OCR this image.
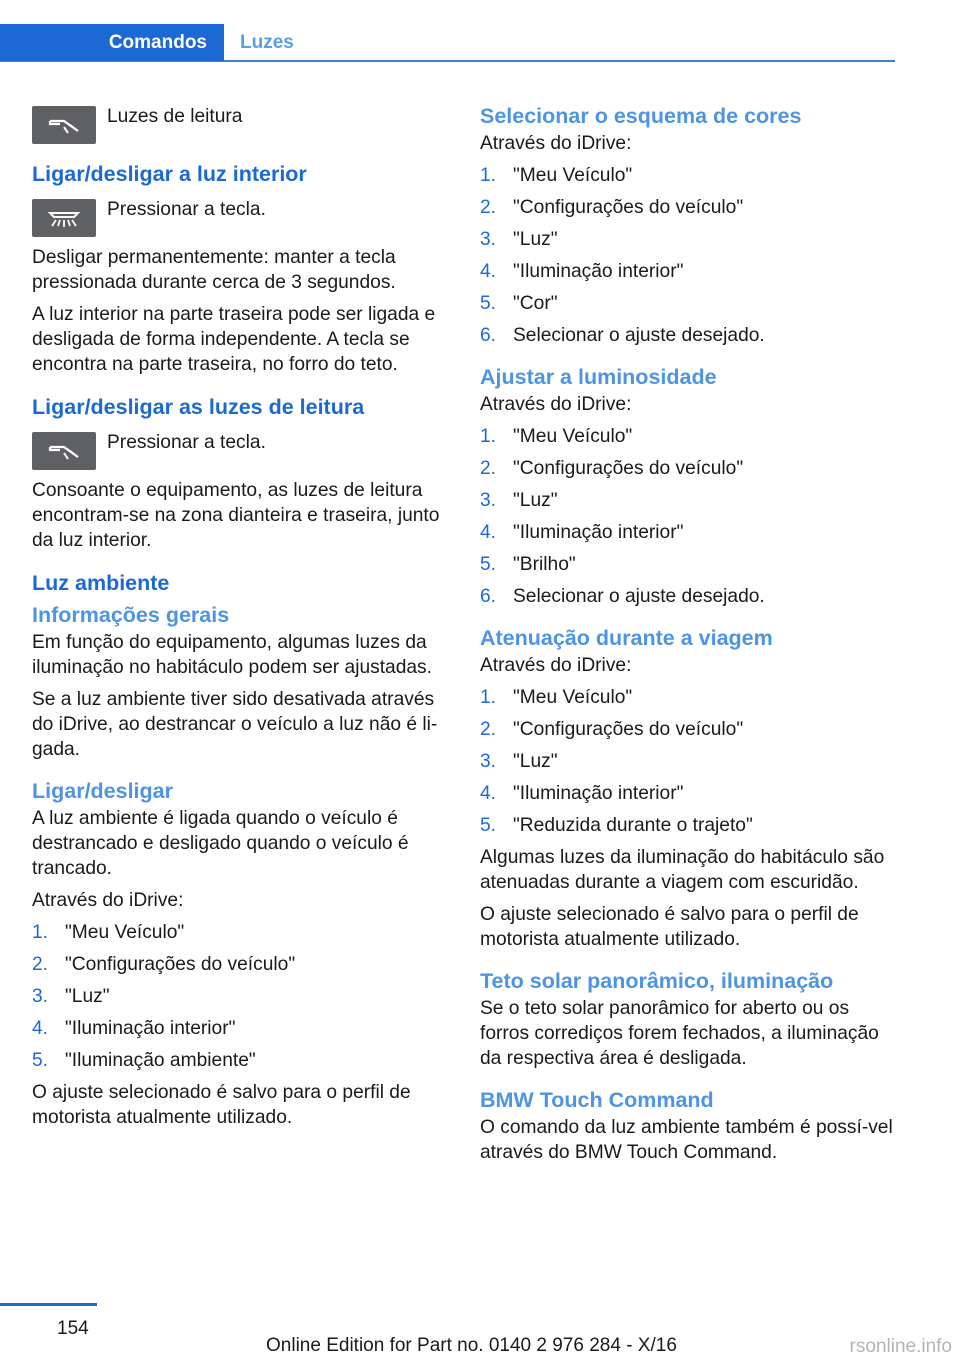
Comandos	Luzes
Luzes de leitura
Ligar/desligar a luz interior
Pressionar a tecla.
Desligar permanentemente: manter a tecla pressionada durante cerca de 3 segundos.
A luz interior na parte traseira pode ser ligada e desligada de forma independente. A tecla se encontra na parte traseira, no forro do teto.
Ligar/desligar as luzes de leitura
Pressionar a tecla.
Consoante o equipamento, as luzes de leitura encontram-se na zona dianteira e traseira, junto da luz interior.
Luz ambiente
Informações gerais
Em função do equipamento, algumas luzes da iluminação no habitáculo podem ser ajustadas.
Se a luz ambiente tiver sido desativada através do iDrive, ao destrancar o veículo a luz não é li‐gada.
Ligar/desligar
A luz ambiente é ligada quando o veículo é destrancado e desligado quando o veículo é trancado.
Através do iDrive:
1. "Meu Veículo"
2. "Configurações do veículo"
3. "Luz"
4. "Iluminação interior"
5. "Iluminação ambiente"
O ajuste selecionado é salvo para o perfil de motorista atualmente utilizado.
Selecionar o esquema de cores
Através do iDrive:
1. "Meu Veículo"
2. "Configurações do veículo"
3. "Luz"
4. "Iluminação interior"
5. "Cor"
6. Selecionar o ajuste desejado.
Ajustar a luminosidade
Através do iDrive:
1. "Meu Veículo"
2. "Configurações do veículo"
3. "Luz"
4. "Iluminação interior"
5. "Brilho"
6. Selecionar o ajuste desejado.
Atenuação durante a viagem
Através do iDrive:
1. "Meu Veículo"
2. "Configurações do veículo"
3. "Luz"
4. "Iluminação interior"
5. "Reduzida durante o trajeto"
Algumas luzes da iluminação do habitáculo são atenuadas durante a viagem com escuridão.
O ajuste selecionado é salvo para o perfil de motorista atualmente utilizado.
Teto solar panorâmico, iluminação
Se o teto solar panorâmico for aberto ou os forros corrediços forem fechados, a iluminação da respectiva área é desligada.
BMW Touch Command
O comando da luz ambiente também é possí‐vel através do BMW Touch Command.
154
Online Edition for Part no. 0140 2 976 284 - X/16	rsonline.info
